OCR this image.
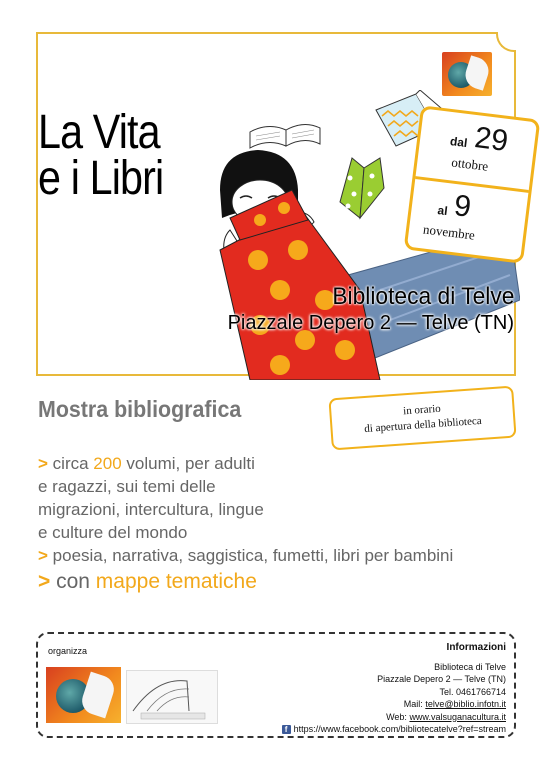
La Vita
e i Libri
dal 29
ottobre
al 9
novembre
Biblioteca di Telve
Piazzale Depero 2 — Telve (TN)
Mostra bibliografica	in orario
di apertura della biblioteca
> circa 200 volumi, per adulti
e ragazzi, sui temi delle
migrazioni, intercultura, lingue
e culture del mondo
> poesia, narrativa, saggistica, fumetti, libri per bambini
> con mappe tematiche
organizza	Informazioni
Biblioteca di Telve
Piazzale Depero 2 — Telve (TN)
Tel. 0461766714
Mail: telve@biblio.infotn.it
Web: www.valsuganacultura.it
f https://www.facebook.com/bibliotecatelve?ref=stream
